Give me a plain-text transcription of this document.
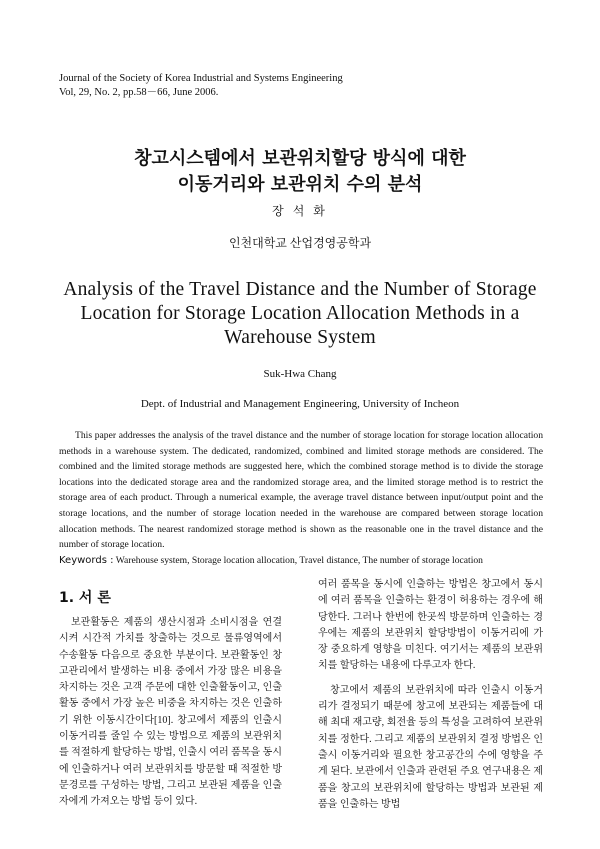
Journal of the Society of Korea Industrial and Systems Engineering
Vol, 29, No. 2, pp.58－66, June 2006.
창고시스템에서 보관위치할당 방식에 대한
이동거리와 보관위치 수의 분석
장 석 화
인천대학교 산업경영공학과
Analysis of the Travel Distance and the Number of Storage Location for Storage Location Allocation Methods in a Warehouse System
Suk-Hwa Chang
Dept. of Industrial and Management Engineering, University of Incheon
This paper addresses the analysis of the travel distance and the number of storage location for storage location allocation methods in a warehouse system. The dedicated, randomized, combined and limited storage methods are considered. The combined and the limited storage methods are suggested here, which the combined storage method is to divide the storage locations into the dedicated storage area and the randomized storage area, and the limited storage method is to restrict the storage area of each product. Through a numerical example, the average travel distance between input/output point and the storage locations, and the number of storage location needed in the warehouse are compared between storage location allocation methods. The nearest randomized storage method is shown as the reasonable one in the travel distance and the number of storage location.
Keywords : Warehouse system, Storage location allocation, Travel distance, The number of storage location
1. 서 론

보관활동은 제품의 생산시점과 소비시점을 연결시켜 시간적 가치를 창출하는 것으로 물류영역에서 수송활동 다음으로 중요한 부분이다. 보관활동인 창고관리에서 발생하는 비용 중에서 가장 많은 비용을 차지하는 것은 고객 주문에 대한 인출활동이고, 인출활동 중에서 가장 높은 비중을 차지하는 것은 인출하기 위한 이동시간이다[10]. 창고에서 제품의 인출시 이동거리를 줄일 수 있는 방법으로 제품의 보관위치를 적절하게 할당하는 방법, 인출시 여러 품목을 동시에 인출하거나 여러 보관위치를 방문할 때 적절한 방문경로를 구성하는 방법, 그리고 보관된 제품을 인출자에게 가져오는 방법 등이 있다.

여러 품목을 동시에 인출하는 방법은 창고에서 동시에 여러 품목을 인출하는 환경이 허용하는 경우에 해당한다. 그러나 한번에 한곳씩 방문하며 인출하는 경우에는 제품의 보관위치 할당방법이 이동거리에 가장 중요하게 영향을 미친다. 여기서는 제품의 보관위치를 할당하는 내용에 다루고자 한다.

창고에서 제품의 보관위치에 따라 인출시 이동거리가 결정되기 때문에 창고에 보관되는 제품들에 대해 최대 재고량, 회전율 등의 특성을 고려하여 보관위치를 정한다. 그리고 제품의 보관위치 결정 방법은 인출시 이동거리와 필요한 창고공간의 수에 영향을 주게 된다. 보관에서 인출과 관련된 주요 연구내용은 제품을 창고의 보관위치에 할당하는 방법과 보관된 제품을 인출하는 방법
